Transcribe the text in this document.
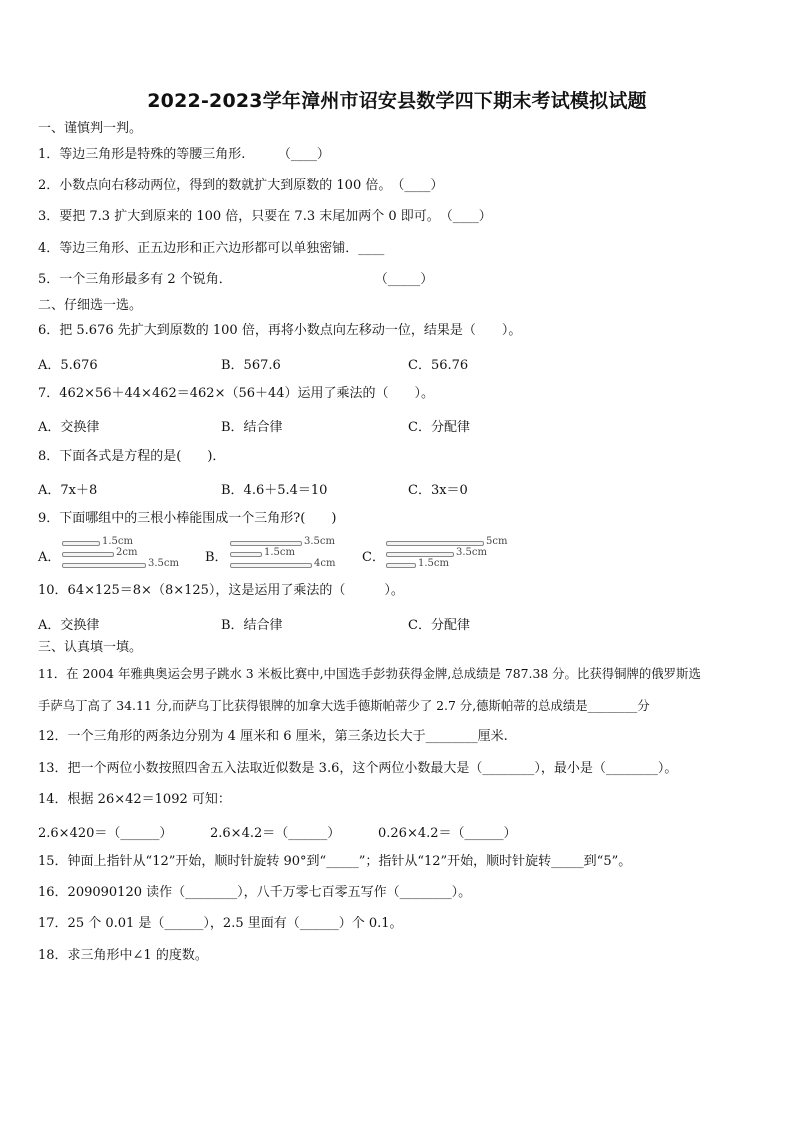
2022-2023学年漳州市诏安县数学四下期末考试模拟试题
一、谨慎判一判。
1．等边三角形是特殊的等腰三角形.　　　（____）
2．小数点向右移动两位，得到的数就扩大到原数的 100 倍。　（____）
3．要把 7.3 扩大到原来的 100 倍，只要在 7.3 末尾加两个 0 即可。　（____）
4．等边三角形、正五边形和正六边形都可以单独密铺．____
5．一个三角形最多有 2 个锐角．　　　　　　　　　　　　（_____）
二、仔细选一选。
6．把 5.676 先扩大到原数的 100 倍，再将小数点向左移动一位，结果是（　　）。
A．5.676	B．567.6	C．56.76
7．462×56＋44×462＝462×（56＋44）运用了乘法的（　　）。
A．交换律	B．结合律	C．分配律
8．下面各式是方程的是(　　)．
A．7x＋8	B．4.6＋5.4＝10	C．3x＝0
9．下面哪组中的三根小棒能围成一个三角形?(　　)
A．
1.5cm
2cm
3.5cm B．
3.5cm
1.5cm
4cm C．
5cm
3.5cm
1.5cm
10．64×125＝8×（8×125），这是运用了乘法的（　　　）。
A．交换律	B．结合律	C．分配律
三、认真填一填。
11．在 2004 年雅典奥运会男子跳水 3 米板比赛中,中国选手彭勃获得金牌,总成绩是 787.38 分。比获得铜牌的俄罗斯选
手萨乌丁高了 34.11 分,而萨乌丁比获得银牌的加拿大选手德斯帕蒂少了 2.7 分,德斯帕蒂的总成绩是________分
12．一个三角形的两条边分别为 4 厘米和 6 厘米，第三条边长大于________厘米.
13．把一个两位小数按照四舍五入法取近似数是 3.6，这个两位小数最大是（________），最小是（________）。
14．根据 26×42＝1092 可知：
2.6×420＝（______）	2.6×4.2＝（______）	0.26×4.2＝（______）
15．钟面上指针从“12”开始，顺时针旋转 90°到“_____”；指针从“12”开始，顺时针旋转_____到“5”。
16．209090120 读作（________），八千万零七百零五写作（________）。
17．25 个 0.01 是（______），2.5 里面有（______）个 0.1。
18．求三角形中∠1 的度数。
